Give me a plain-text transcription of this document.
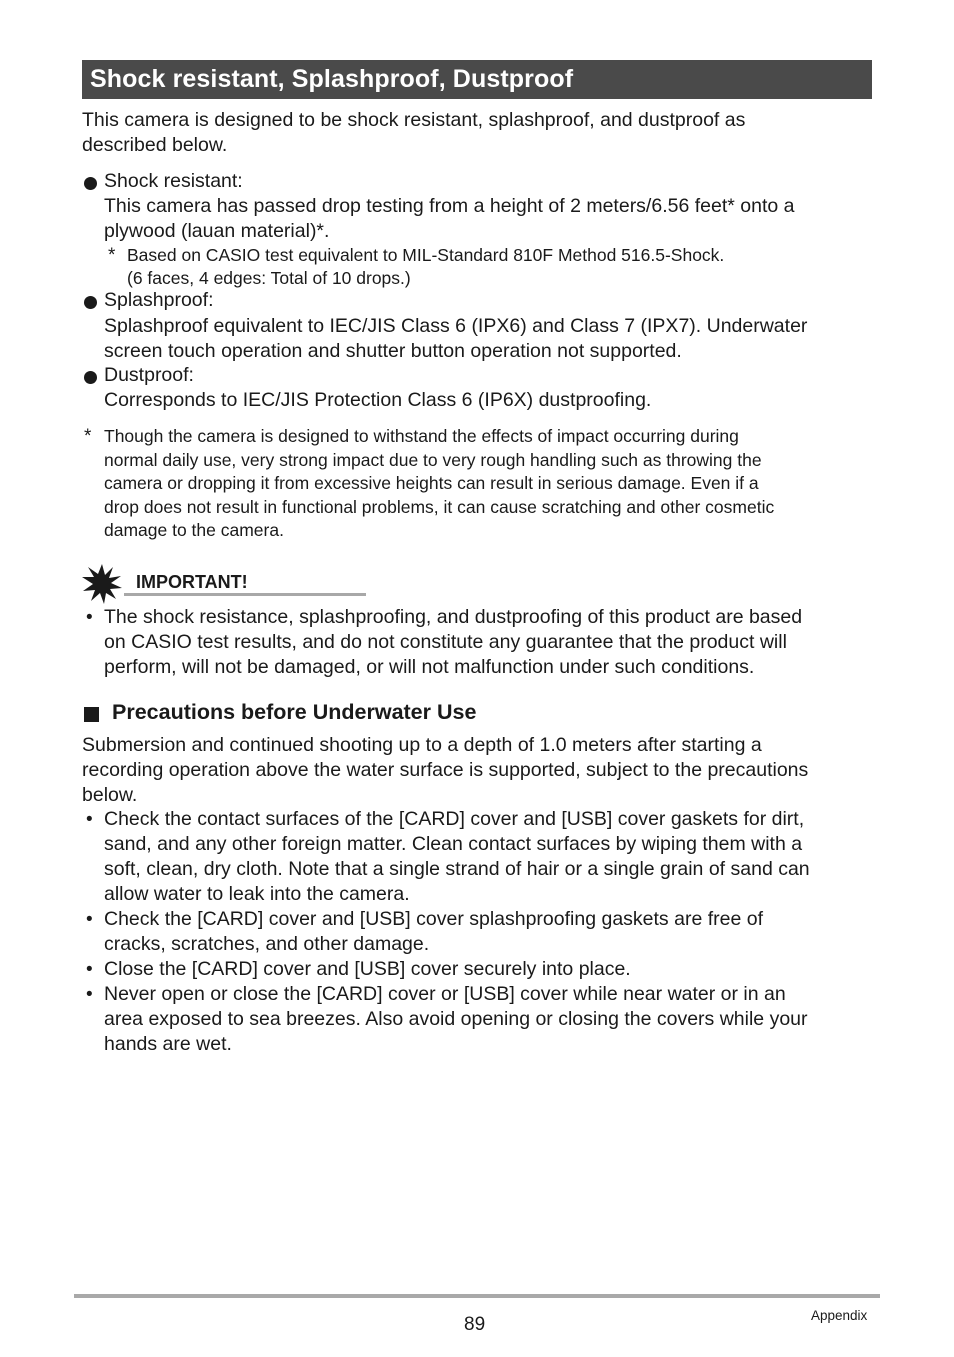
Shock resistant, Splashproof, Dustproof
This camera is designed to be shock resistant, splashproof, and dustproof as
described below.
Shock resistant:
This camera has passed drop testing from a height of 2 meters/6.56 feet* onto a
plywood (lauan material)*.
* Based on CASIO test equivalent to MIL-Standard 810F Method 516.5-Shock.
(6 faces, 4 edges: Total of 10 drops.)
Splashproof:
Splashproof equivalent to IEC/JIS Class 6 (IPX6) and Class 7 (IPX7). Underwater
screen touch operation and shutter button operation not supported.
Dustproof:
Corresponds to IEC/JIS Protection Class 6 (IP6X) dustproofing.
* Though the camera is designed to withstand the effects of impact occurring during
normal daily use, very strong impact due to very rough handling such as throwing the
camera or dropping it from excessive heights can result in serious damage. Even if a
drop does not result in functional problems, it can cause scratching and other cosmetic
damage to the camera.
IMPORTANT!
• The shock resistance, splashproofing, and dustproofing of this product are based
on CASIO test results, and do not constitute any guarantee that the product will
perform, will not be damaged, or will not malfunction under such conditions.
Precautions before Underwater Use
Submersion and continued shooting up to a depth of 1.0 meters after starting a
recording operation above the water surface is supported, subject to the precautions
below.
• Check the contact surfaces of the [CARD] cover and [USB] cover gaskets for dirt,
sand, and any other foreign matter. Clean contact surfaces by wiping them with a
soft, clean, dry cloth. Note that a single strand of hair or a single grain of sand can
allow water to leak into the camera.
• Check the [CARD] cover and [USB] cover splashproofing gaskets are free of
cracks, scratches, and other damage.
• Close the [CARD] cover and [USB] cover securely into place.
• Never open or close the [CARD] cover or [USB] cover while near water or in an
area exposed to sea breezes. Also avoid opening or closing the covers while your
hands are wet.
89	Appendix
